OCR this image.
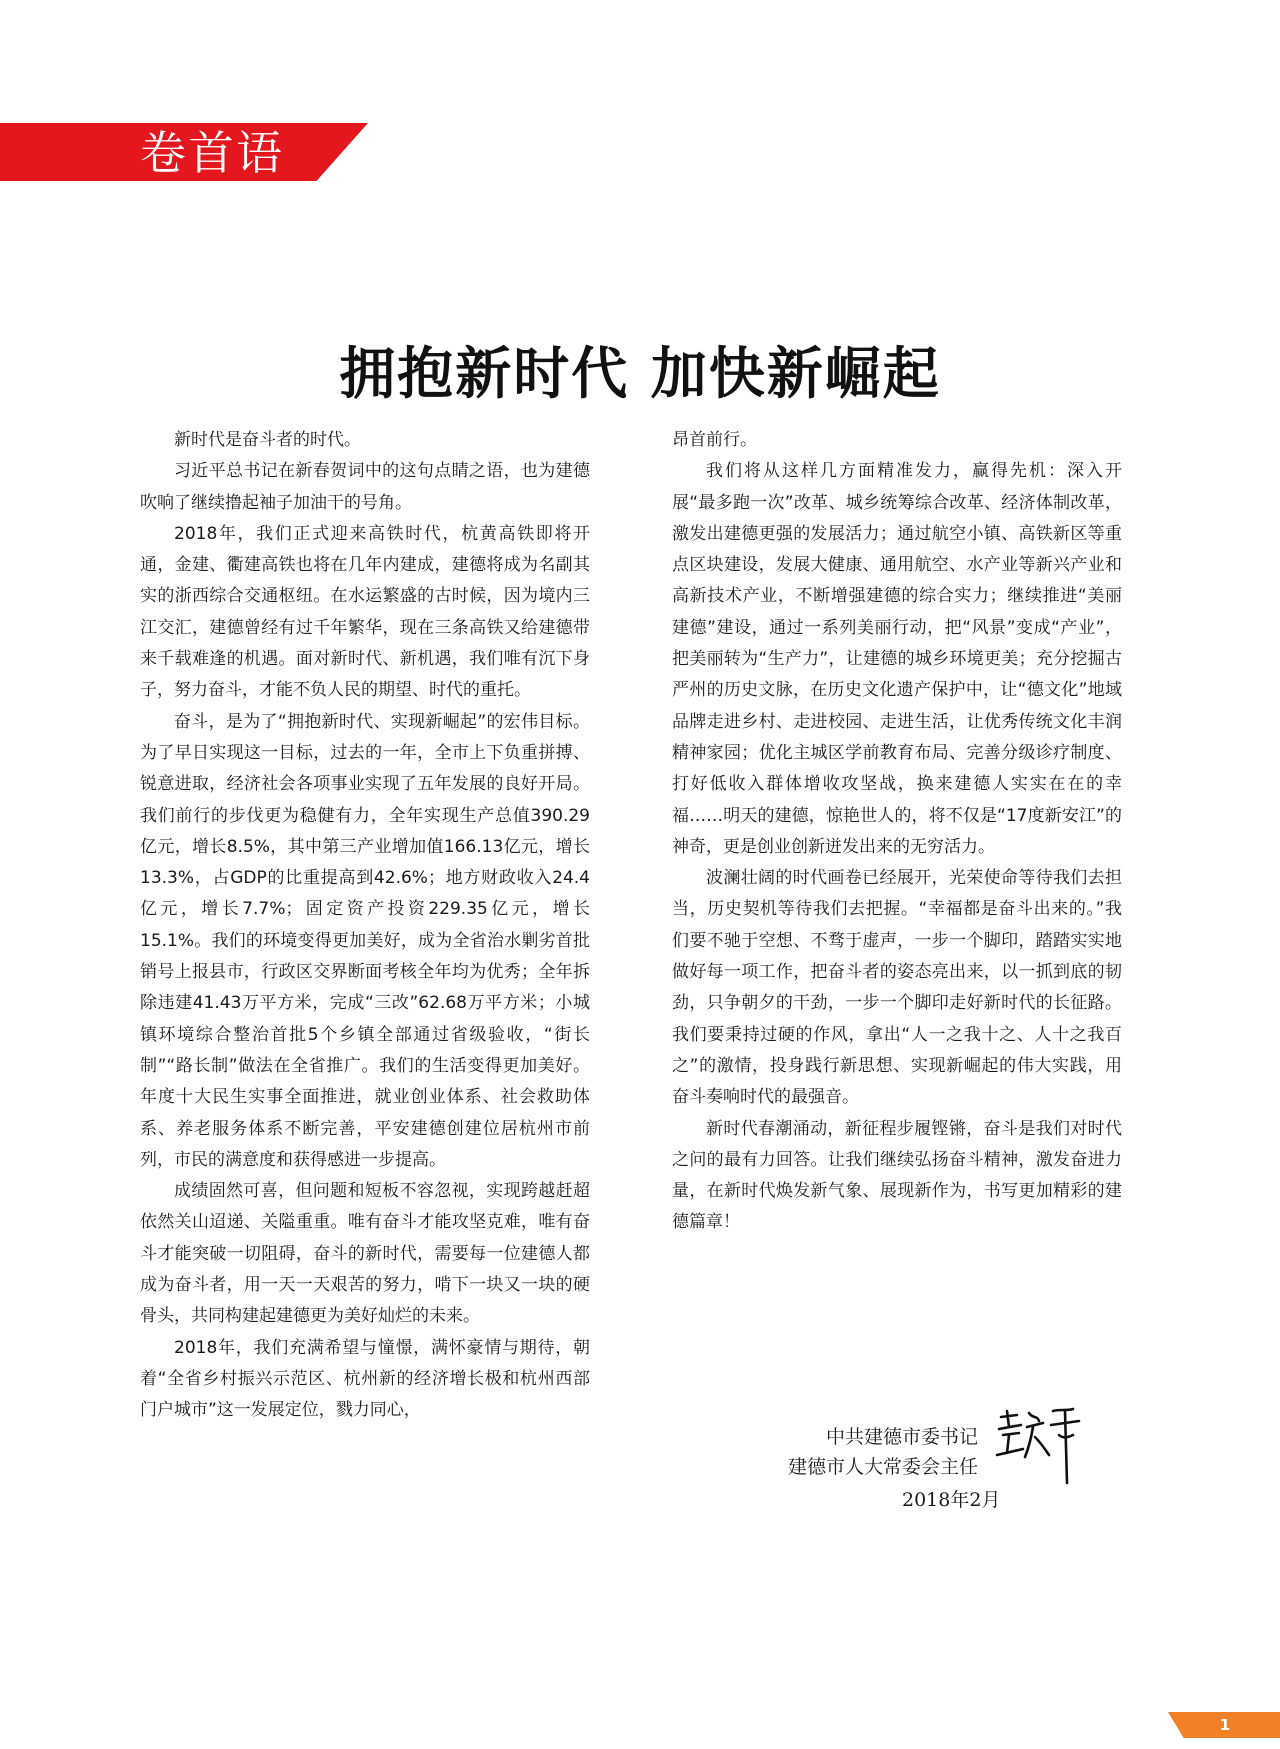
卷首语
拥抱新时代 加快新崛起

新时代是奋斗者的时代。

习近平总书记在新春贺词中的这句点睛之语，也为建德吹响了继续撸起袖子加油干的号角。

2018年，我们正式迎来高铁时代，杭黄高铁即将开通，金建、衢建高铁也将在几年内建成，建德将成为名副其实的浙西综合交通枢纽。在水运繁盛的古时候，因为境内三江交汇，建德曾经有过千年繁华，现在三条高铁又给建德带来千载难逢的机遇。面对新时代、新机遇，我们唯有沉下身子，努力奋斗，才能不负人民的期望、时代的重托。

奋斗，是为了“拥抱新时代、实现新崛起”的宏伟目标。为了早日实现这一目标，过去的一年，全市上下负重拼搏、锐意进取，经济社会各项事业实现了五年发展的良好开局。我们前行的步伐更为稳健有力，全年实现生产总值390.29亿元，增长8.5%，其中第三产业增加值166.13亿元，增长13.3%，占GDP的比重提高到42.6%；地方财政收入24.4亿元，增长7.7%；固定资产投资229.35亿元，增长15.1%。我们的环境变得更加美好，成为全省治水剿劣首批销号上报县市，行政区交界断面考核全年均为优秀；全年拆除违建41.43万平方米，完成“三改”62.68万平方米；小城镇环境综合整治首批5个乡镇全部通过省级验收，“街长制”“路长制”做法在全省推广。我们的生活变得更加美好。年度十大民生实事全面推进，就业创业体系、社会救助体系、养老服务体系不断完善，平安建德创建位居杭州市前列，市民的满意度和获得感进一步提高。

成绩固然可喜，但问题和短板不容忽视，实现跨越赶超依然关山迢递、关隘重重。唯有奋斗才能攻坚克难，唯有奋斗才能突破一切阻碍，奋斗的新时代，需要每一位建德人都成为奋斗者，用一天一天艰苦的努力，啃下一块又一块的硬骨头，共同构建起建德更为美好灿烂的未来。

2018年，我们充满希望与憧憬，满怀豪情与期待，朝着“全省乡村振兴示范区、杭州新的经济增长极和杭州西部门户城市”这一发展定位，戮力同心，

昂首前行。

我们将从这样几方面精准发力，赢得先机：深入开展“最多跑一次”改革、城乡统筹综合改革、经济体制改革，激发出建德更强的发展活力；通过航空小镇、高铁新区等重点区块建设，发展大健康、通用航空、水产业等新兴产业和高新技术产业，不断增强建德的综合实力；继续推进“美丽建德”建设，通过一系列美丽行动，把“风景”变成“产业”，把美丽转为“生产力”，让建德的城乡环境更美；充分挖掘古严州的历史文脉，在历史文化遗产保护中，让“德文化”地域品牌走进乡村、走进校园、走进生活，让优秀传统文化丰润精神家园；优化主城区学前教育布局、完善分级诊疗制度、打好低收入群体增收攻坚战，换来建德人实实在在的幸福……明天的建德，惊艳世人的，将不仅是“17度新安江”的神奇，更是创业创新迸发出来的无穷活力。

波澜壮阔的时代画卷已经展开，光荣使命等待我们去担当，历史契机等待我们去把握。“幸福都是奋斗出来的。”我们要不驰于空想、不骛于虚声，一步一个脚印，踏踏实实地做好每一项工作，把奋斗者的姿态亮出来，以一抓到底的韧劲，只争朝夕的干劲，一步一个脚印走好新时代的长征路。我们要秉持过硬的作风，拿出“人一之我十之、人十之我百之”的激情，投身践行新思想、实现新崛起的伟大实践，用奋斗奏响时代的最强音。

新时代春潮涌动，新征程步履铿锵，奋斗是我们对时代之问的最有力回答。让我们继续弘扬奋斗精神，激发奋进力量，在新时代焕发新气象、展现新作为，书写更加精彩的建德篇章！

中共建德市委书记
建德市人大常委会主任
2018年2月
1
